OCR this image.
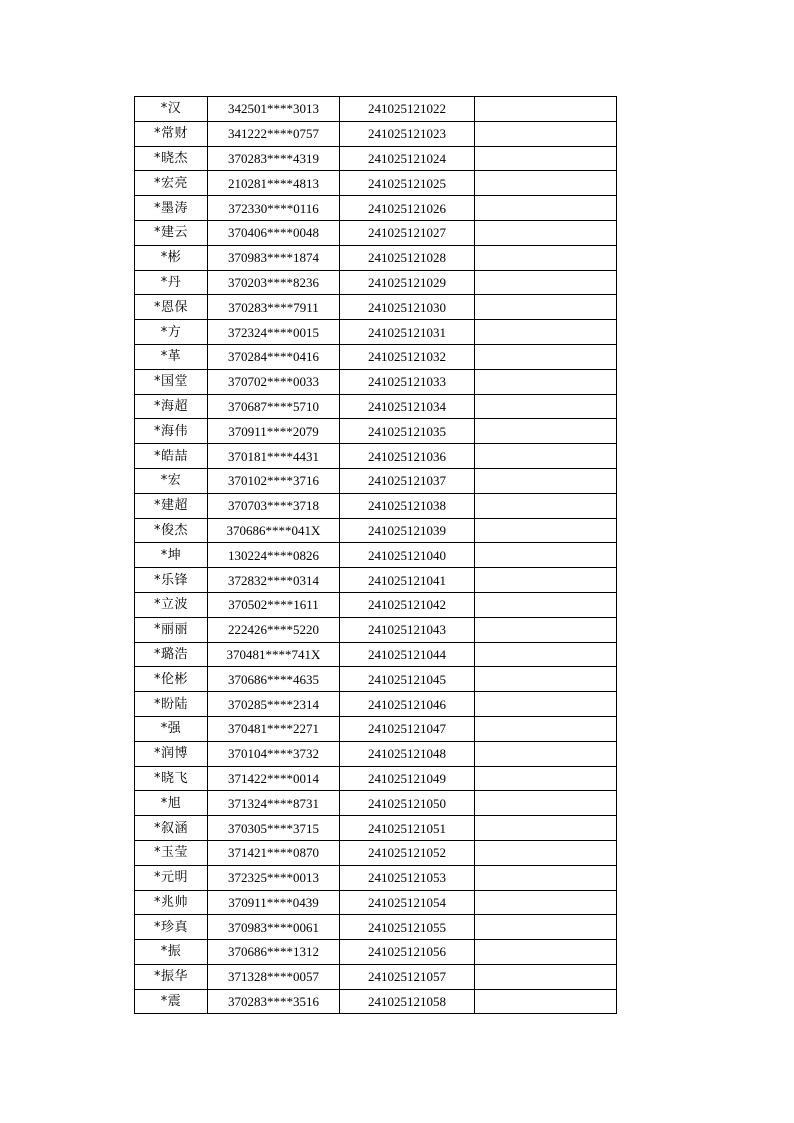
*汉	342501****3013	241025121022	
*常财	341222****0757	241025121023	
*晓杰	370283****4319	241025121024	
*宏亮	210281****4813	241025121025	
*墨涛	372330****0116	241025121026	
*建云	370406****0048	241025121027	
*彬	370983****1874	241025121028	
*丹	370203****8236	241025121029	
*恩保	370283****7911	241025121030	
*方	372324****0015	241025121031	
*革	370284****0416	241025121032	
*国堂	370702****0033	241025121033	
*海超	370687****5710	241025121034	
*海伟	370911****2079	241025121035	
*皓喆	370181****4431	241025121036	
*宏	370102****3716	241025121037	
*建超	370703****3718	241025121038	
*俊杰	370686****041X	241025121039	
*坤	130224****0826	241025121040	
*乐锋	372832****0314	241025121041	
*立波	370502****1611	241025121042	
*丽丽	222426****5220	241025121043	
*璐浩	370481****741X	241025121044	
*伦彬	370686****4635	241025121045	
*盼陆	370285****2314	241025121046	
*强	370481****2271	241025121047	
*润博	370104****3732	241025121048	
*晓飞	371422****0014	241025121049	
*旭	371324****8731	241025121050	
*叙涵	370305****3715	241025121051	
*玉莹	371421****0870	241025121052	
*元明	372325****0013	241025121053	
*兆帅	370911****0439	241025121054	
*珍真	370983****0061	241025121055	
*振	370686****1312	241025121056	
*振华	371328****0057	241025121057	
*震	370283****3516	241025121058	
